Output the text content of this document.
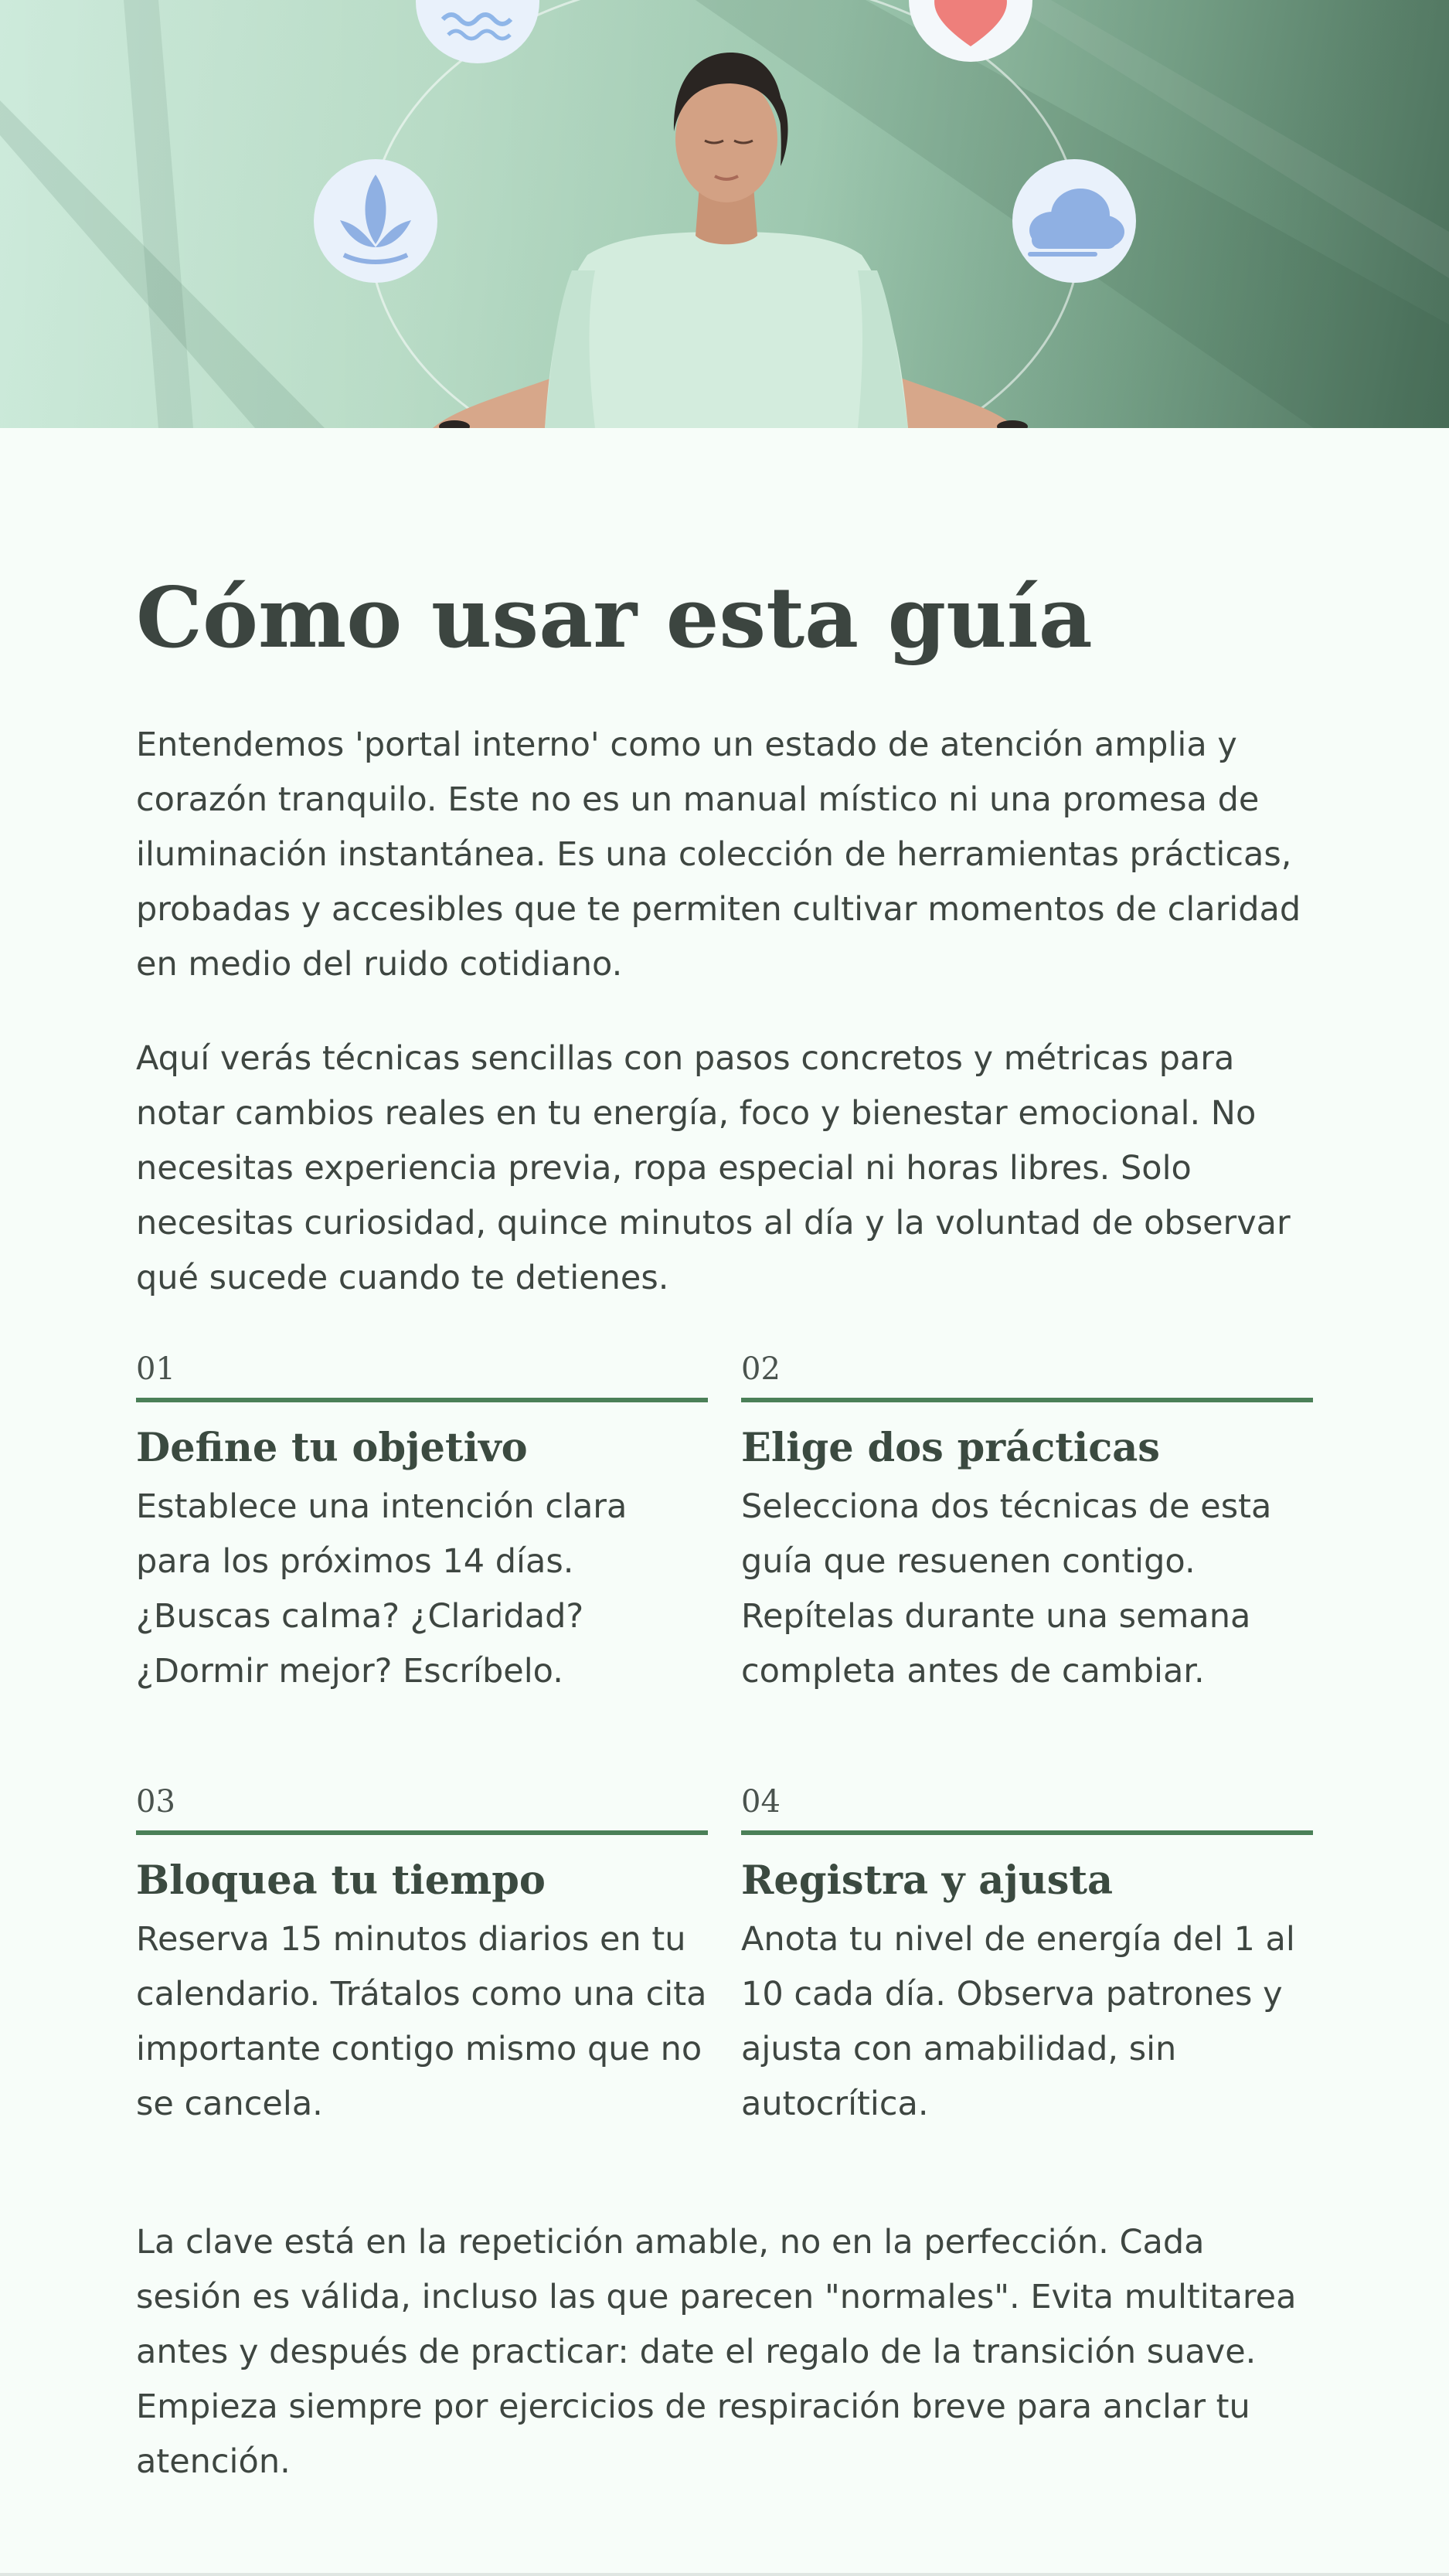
Cómo usar esta guía

Entendemos 'portal interno' como un estado de atención amplia y corazón tranquilo. Este no es un manual místico ni una promesa de iluminación instantánea. Es una colección de herramientas prácticas, probadas y accesibles que te permiten cultivar momentos de claridad en medio del ruido cotidiano.

Aquí verás técnicas sencillas con pasos concretos y métricas para notar cambios reales en tu energía, foco y bienestar emocional. No necesitas experiencia previa, ropa especial ni horas libres. Solo necesitas curiosidad, quince minutos al día y la voluntad de observar qué sucede cuando te detienes.

01
Define tu objetivo
Establece una intención clara para los próximos 14 días. ¿Buscas calma? ¿Claridad? ¿Dormir mejor? Escríbelo.
02
Elige dos prácticas
Selecciona dos técnicas de esta guía que resuenen contigo. Repítelas durante una semana completa antes de cambiar.
03
Bloquea tu tiempo
Reserva 15 minutos diarios en tu calendario. Trátalos como una cita importante contigo mismo que no se cancela.
04
Registra y ajusta
Anota tu nivel de energía del 1 al 10 cada día. Observa patrones y ajusta con amabilidad, sin autocrítica.

La clave está en la repetición amable, no en la perfección. Cada sesión es válida, incluso las que parecen "normales". Evita multitarea antes y después de practicar: date el regalo de la transición suave. Empieza siempre por ejercicios de respiración breve para anclar tu atención.
